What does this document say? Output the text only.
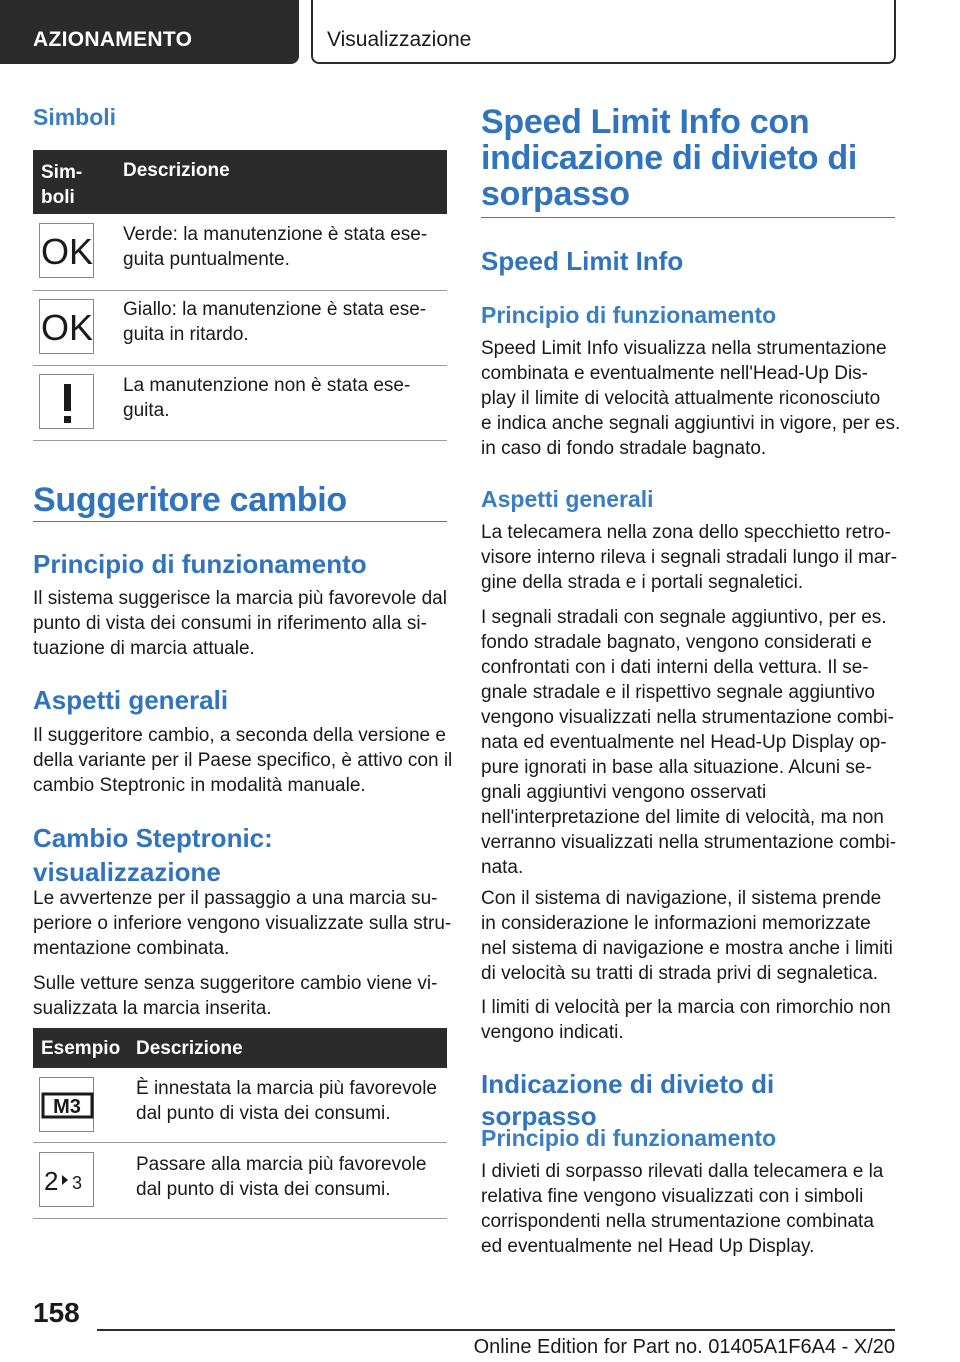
AZIONAMENTO	Visualizzazione
Simboli
Sim-
boli
Descrizione
OK Verde: la manutenzione è stata ese-
guita puntualmente.
OK Giallo: la manutenzione è stata ese-
guita in ritardo.
La manutenzione non è stata ese-
guita.
Suggeritore cambio
Principio di funzionamento
Il sistema suggerisce la marcia più favorevole dal
punto di vista dei consumi in riferimento alla si-
tuazione di marcia attuale.
Aspetti generali
Il suggeritore cambio, a seconda della versione e
della variante per il Paese specifico, è attivo con il
cambio Steptronic in modalità manuale.
Cambio Steptronic:
visualizzazione
Le avvertenze per il passaggio a una marcia su-
periore o inferiore vengono visualizzate sulla stru-
mentazione combinata.
Sulle vetture senza suggeritore cambio viene vi-
sualizzata la marcia inserita.
Esempio Descrizione
M3
È innestata la marcia più favorevole
dal punto di vista dei consumi.
2 3
Passare alla marcia più favorevole
dal punto di vista dei consumi.
Speed Limit Info con
indicazione di divieto di
sorpasso
Speed Limit Info
Principio di funzionamento
Speed Limit Info visualizza nella strumentazione
combinata e eventualmente nell'Head-Up Dis-
play il limite di velocità attualmente riconosciuto
e indica anche segnali aggiuntivi in vigore, per es.
in caso di fondo stradale bagnato.
Aspetti generali
La telecamera nella zona dello specchietto retro-
visore interno rileva i segnali stradali lungo il mar-
gine della strada e i portali segnaletici.
I segnali stradali con segnale aggiuntivo, per es.
fondo stradale bagnato, vengono considerati e
confrontati con i dati interni della vettura. Il se-
gnale stradale e il rispettivo segnale aggiuntivo
vengono visualizzati nella strumentazione combi-
nata ed eventualmente nel Head-Up Display op-
pure ignorati in base alla situazione. Alcuni se-
gnali aggiuntivi vengono osservati
nell'interpretazione del limite di velocità, ma non
verranno visualizzati nella strumentazione combi-
nata.
Con il sistema di navigazione, il sistema prende
in considerazione le informazioni memorizzate
nel sistema di navigazione e mostra anche i limiti
di velocità su tratti di strada privi di segnaletica.
I limiti di velocità per la marcia con rimorchio non
vengono indicati.
Indicazione di divieto di sorpasso
Principio di funzionamento
I divieti di sorpasso rilevati dalla telecamera e la
relativa fine vengono visualizzati con i simboli
corrispondenti nella strumentazione combinata
ed eventualmente nel Head Up Display.
158
Online Edition for Part no. 01405A1F6A4 - X/20
